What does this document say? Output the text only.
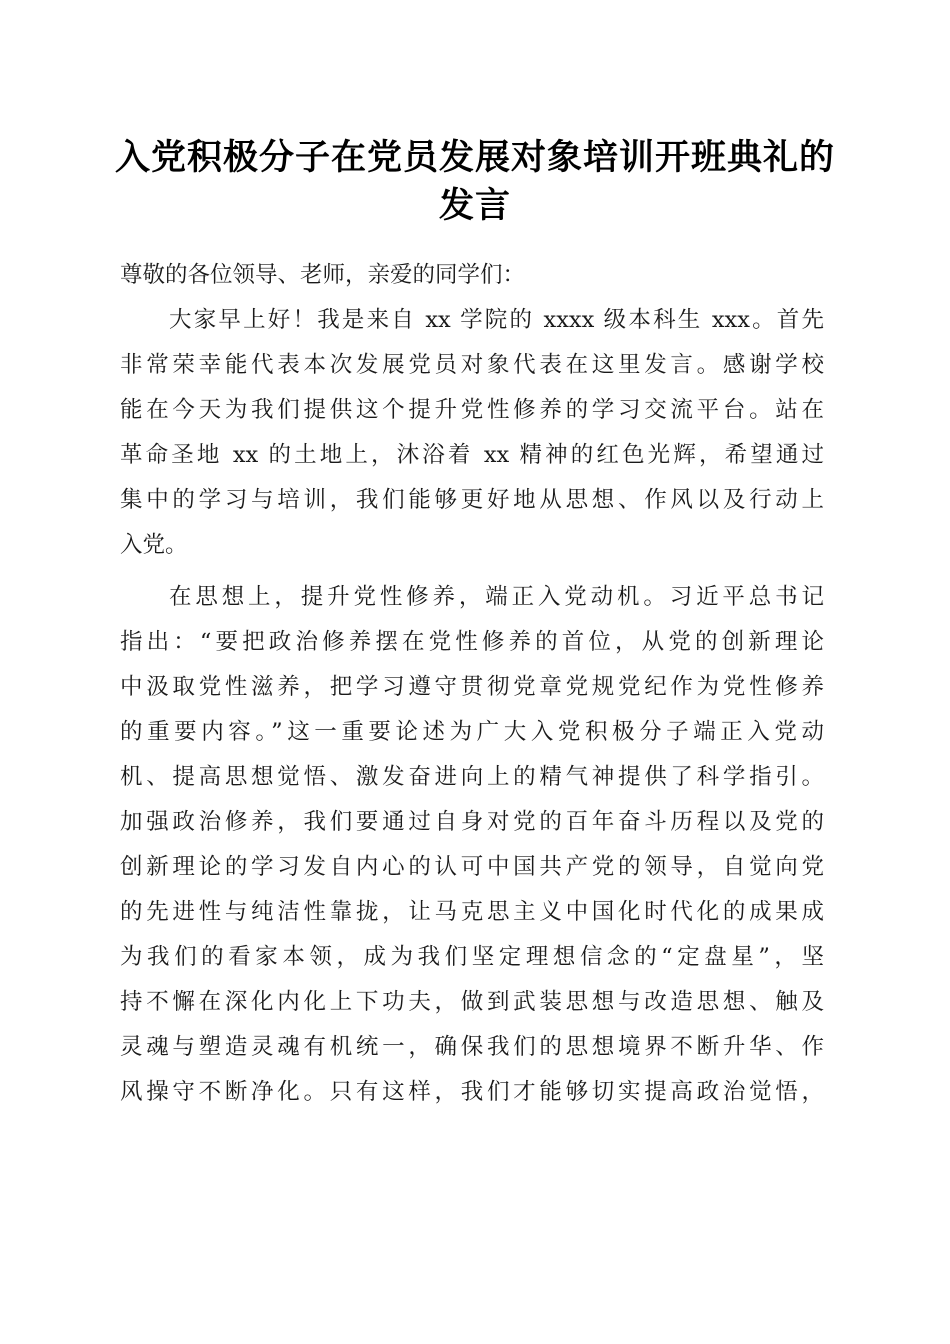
入党积极分子在党员发展对象培训开班典礼的
发言
尊敬的各位领导、老师，亲爱的同学们：
大家早上好！我是来自 xx 学院的 xxxx 级本科生 xxx。首先
非常荣幸能代表本次发展党员对象代表在这里发言。感谢学校
能在今天为我们提供这个提升党性修养的学习交流平台。站在
革命圣地 xx 的土地上，沐浴着 xx 精神的红色光辉，希望通过
集中的学习与培训，我们能够更好地从思想、作风以及行动上
入党。
在思想上，提升党性修养，端正入党动机。习近平总书记
指出：“要把政治修养摆在党性修养的首位，从党的创新理论
中汲取党性滋养，把学习遵守贯彻党章党规党纪作为党性修养
的重要内容。”这一重要论述为广大入党积极分子端正入党动
机、提高思想觉悟、激发奋进向上的精气神提供了科学指引。
加强政治修养，我们要通过自身对党的百年奋斗历程以及党的
创新理论的学习发自内心的认可中国共产党的领导，自觉向党
的先进性与纯洁性靠拢，让马克思主义中国化时代化的成果成
为我们的看家本领，成为我们坚定理想信念的“定盘星”，坚
持不懈在深化内化上下功夫，做到武装思想与改造思想、触及
灵魂与塑造灵魂有机统一，确保我们的思想境界不断升华、作
风操守不断净化。只有这样，我们才能够切实提高政治觉悟，
